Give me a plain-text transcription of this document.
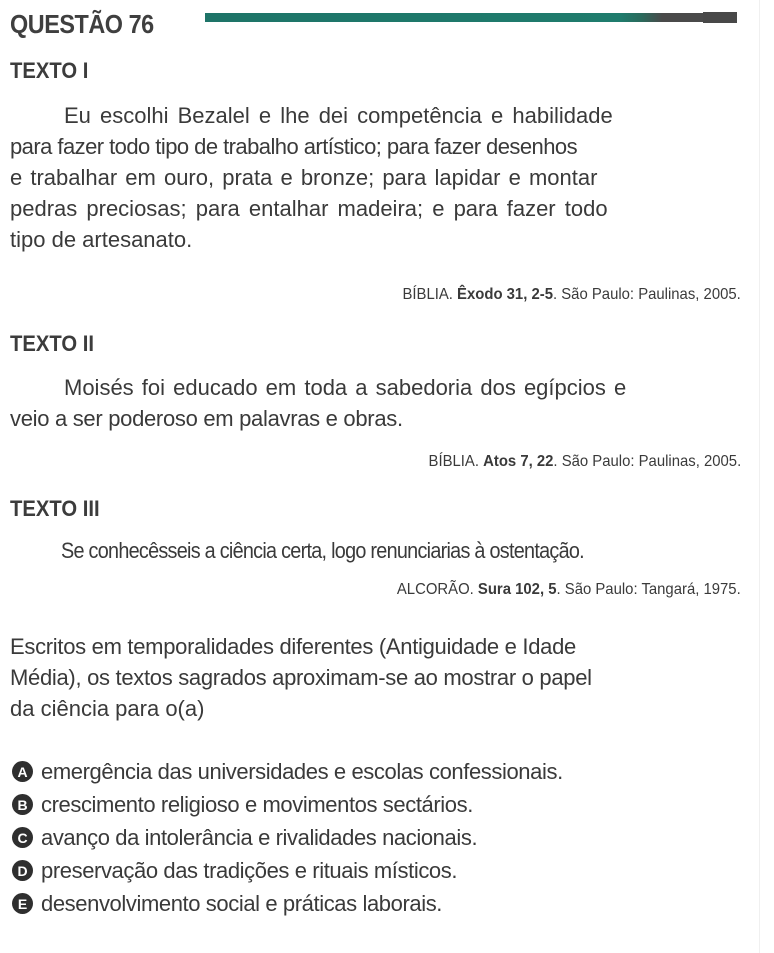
QUESTÃO 76
TEXTO I
Eu escolhi Bezalel e lhe dei competência e habilidade
para fazer todo tipo de trabalho artístico; para fazer desenhos
e trabalhar em ouro, prata e bronze; para lapidar e montar
pedras preciosas; para entalhar madeira; e para fazer todo
tipo de artesanato.
BÍBLIA. Êxodo 31, 2-5. São Paulo: Paulinas, 2005.
TEXTO II
Moisés foi educado em toda a sabedoria dos egípcios e
veio a ser poderoso em palavras e obras.
BÍBLIA. Atos 7, 22. São Paulo: Paulinas, 2005.
TEXTO III
Se conhecêsseis a ciência certa, logo renunciarias à ostentação.
ALCORÃO. Sura 102, 5. São Paulo: Tangará, 1975.
Escritos em temporalidades diferentes (Antiguidade e Idade
Média), os textos sagrados aproximam-se ao mostrar o papel
da ciência para o(a)
A emergência das universidades e escolas confessionais.
B crescimento religioso e movimentos sectários.
C avanço da intolerância e rivalidades nacionais.
D preservação das tradições e rituais místicos.
E desenvolvimento social e práticas laborais.
